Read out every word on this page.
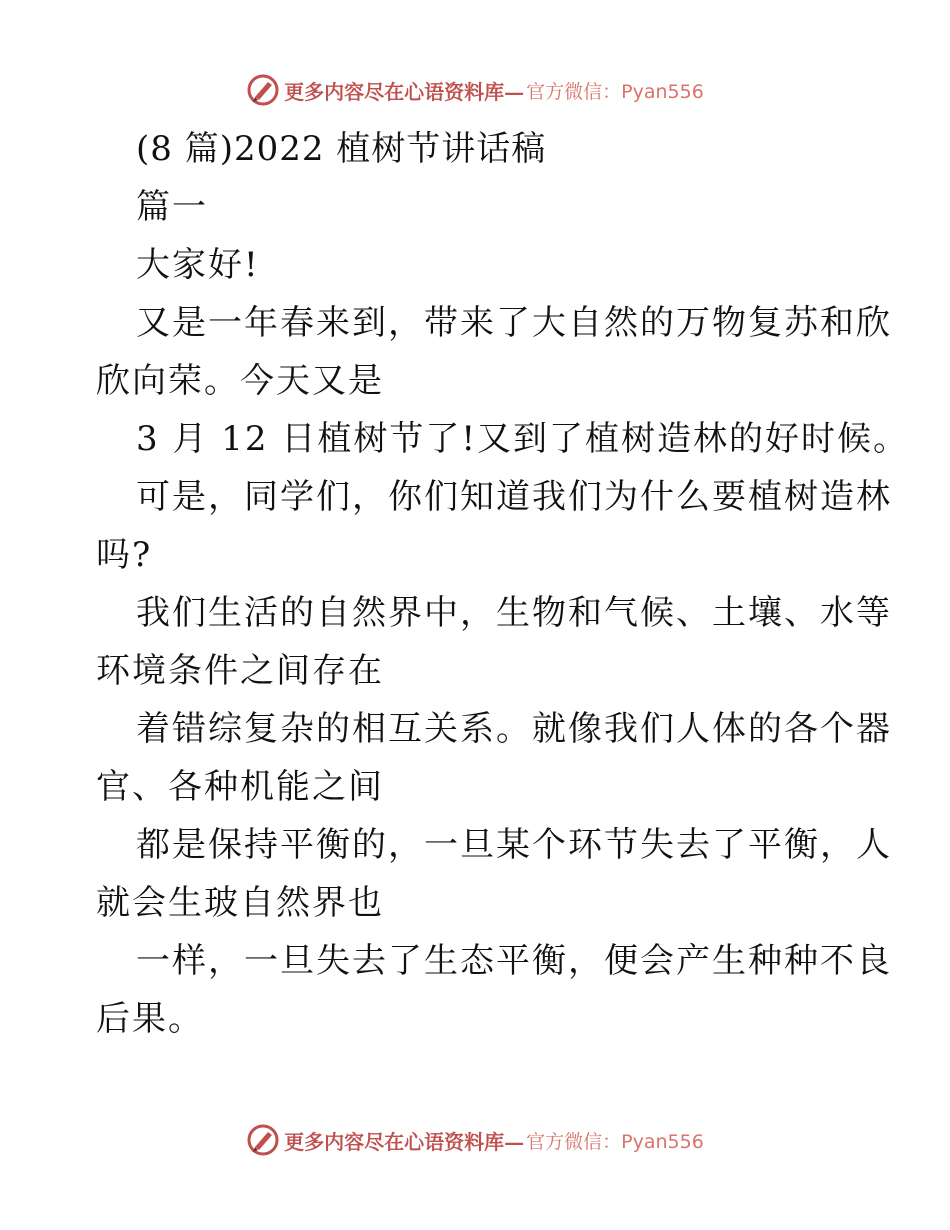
更多内容尽在心语资料库— 官方微信：Pyan556
(8 篇)2022 植树节讲话稿
篇一
大家好!
又是一年春来到，带来了大自然的万物复苏和欣
欣向荣。今天又是
3 月 12 日植树节了!又到了植树造林的好时候。
可是，同学们，你们知道我们为什么要植树造林
吗?
我们生活的自然界中，生物和气候、土壤、水等
环境条件之间存在
着错综复杂的相互关系。就像我们人体的各个器
官、各种机能之间
都是保持平衡的，一旦某个环节失去了平衡，人
就会生玻自然界也
一样，一旦失去了生态平衡，便会产生种种不良
后果。
更多内容尽在心语资料库— 官方微信：Pyan556
